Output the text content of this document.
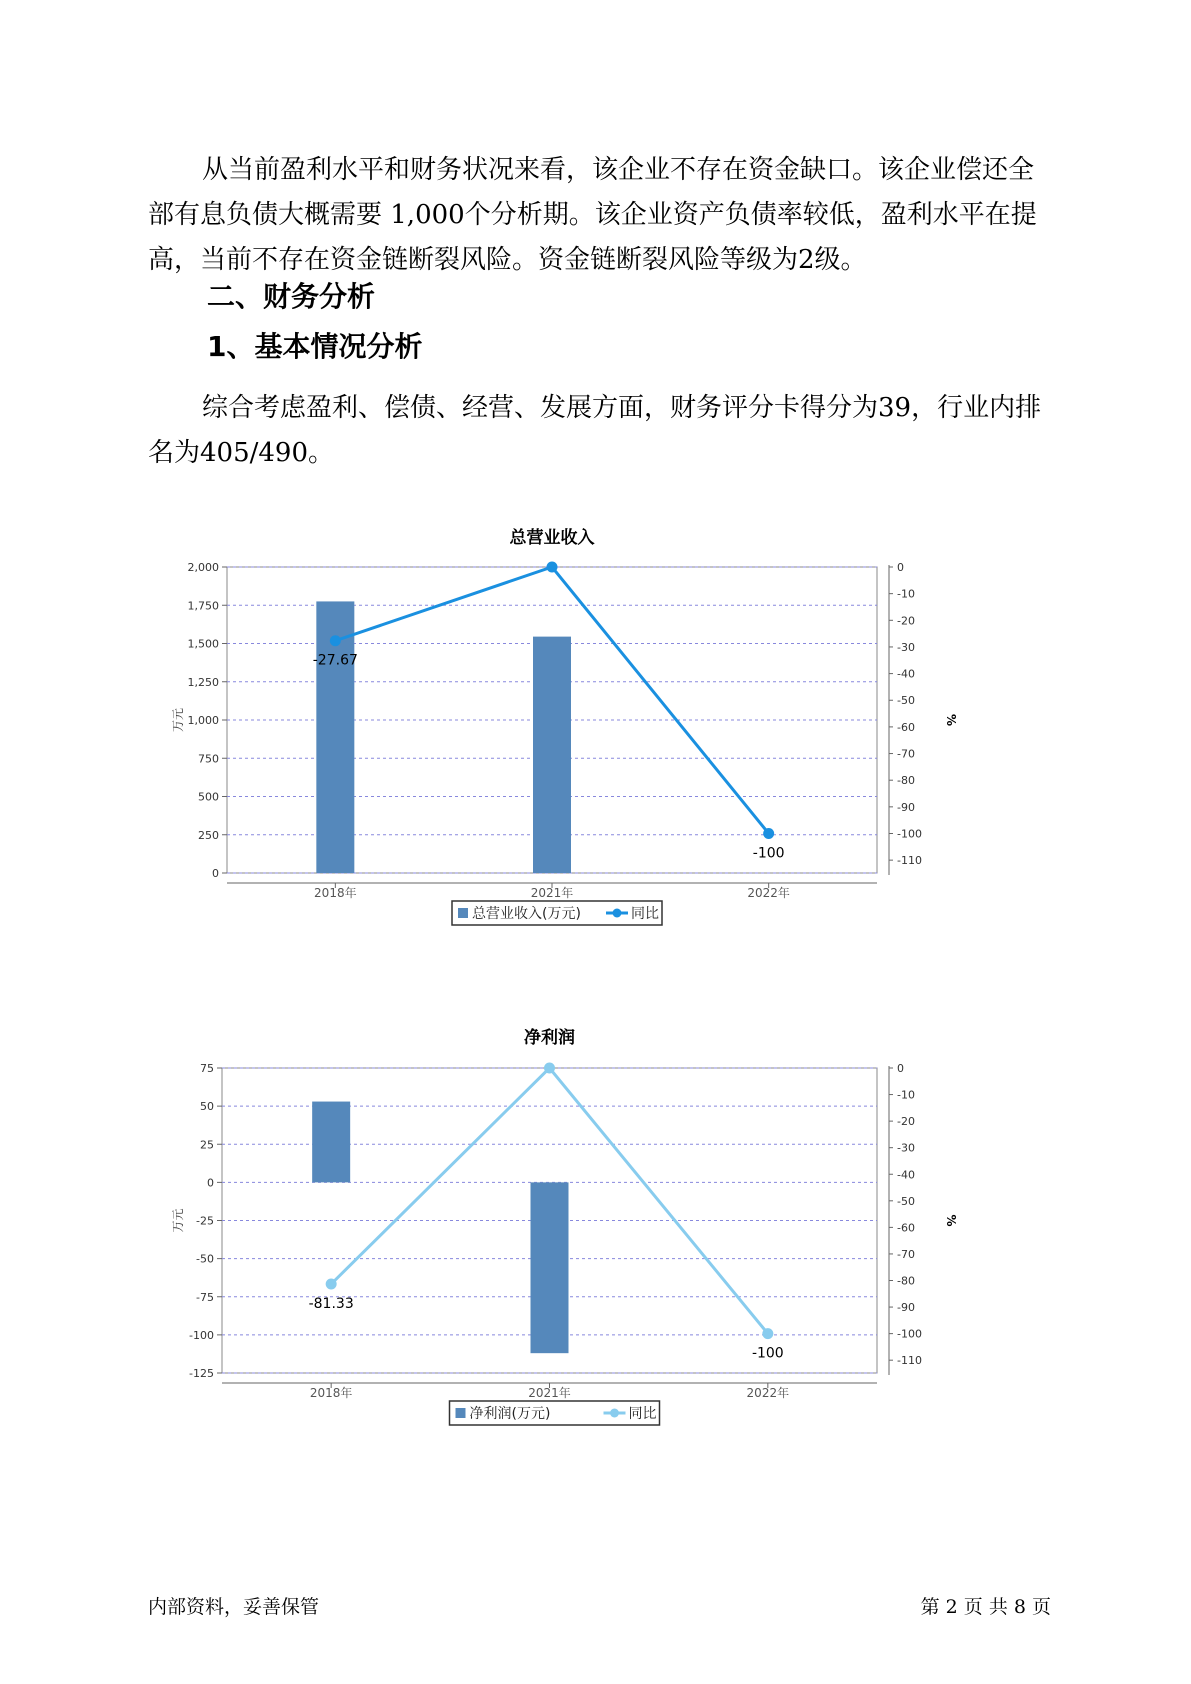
从当前盈利水平和财务状况来看，该企业不存在资金缺口。该企业偿还全部有息负债大概需要 1,000个分析期。该企业资产负债率较低，盈利水平在提高，当前不存在资金链断裂风险。资金链断裂风险等级为2级。

二、财务分析
1、基本情况分析

综合考虑盈利、偿债、经营、发展方面，财务评分卡得分为39，行业内排名为405/490。

总营业收入
0
250
500
750
1,000
1,250
1,500
1,750
2,000	0
-10
-20
-30
-40
-50
-60
-70
-80
-90
-100
-110
万元	%
2018年	2021年	2022年
-27.67
-100
总营业收入(万元)	同比
净利润
75
50
25
0
-25
-50
-75
-100
-125
0
-10
-20
-30
-40
-50
-60
-70
-80
-90
-100
-110
万元	%
2018年	2021年	2022年
-81.33
-100
净利润(万元)	同比
内部资料，妥善保管	第 2 页 共 8 页
